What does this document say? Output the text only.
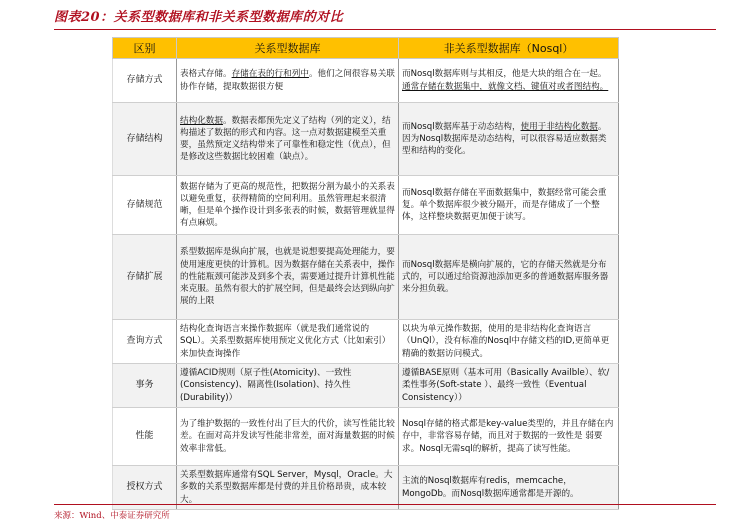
图表20：关系型数据库和非关系型数据库的对比
区别	关系型数据库	非关系型数据库（Nosql）
存储方式	表格式存储。存储在表的行和列中。他们之间很容易关联协作存储，提取数据很方便	而Nosql数据库则与其相反，他是大块的组合在一起。通常存储在数据集中，就像文档、键值对或者图结构。
存储结构	结构化数据。数据表都预先定义了结构（列的定义），结构描述了数据的形式和内容。这一点对数据建模至关重要，虽然预定义结构带来了可靠性和稳定性（优点），但是修改这些数据比较困难（缺点）。	而Nosql数据库基于动态结构，使用于非结构化数据。因为Nosql数据库是动态结构，可以很容易适应数据类型和结构的变化。
存储规范	数据存储为了更高的规范性，把数据分割为最小的关系表以避免重复，获得精简的空间利用。虽然管理起来很清晰，但是单个操作设计到多张表的时候，数据管理就显得有点麻烦。	而Nosql数据存储在平面数据集中，数据经常可能会重复。单个数据库很少被分隔开，而是存储成了一个整体，这样整块数据更加便于读写。
存储扩展	系型数据库是纵向扩展，也就是说想要提高处理能力，要使用速度更快的计算机。因为数据存储在关系表中，操作的性能瓶颈可能涉及到多个表，需要通过提升计算机性能来克服。虽然有很大的扩展空间，但是最终会达到纵向扩展的上限	而Nosql数据库是横向扩展的，它的存储天然就是分布式的，可以通过给资源池添加更多的普通数据库服务器来分担负载。
查询方式	结构化查询语言来操作数据库（就是我们通常说的SQL）。关系型数据库使用预定义优化方式（比如索引）来加快查询操作	以块为单元操作数据，使用的是非结构化查询语言（UnQl），没有标准的Nosql中存储文档的ID,更简单更精确的数据访问模式。
事务	遵循ACID规则（原子性(Atomicity)、一致性(Consistency)、隔离性(Isolation)、持久性(Durability)）	遵循BASE原则（基本可用（Basically Availble）、软/柔性事务(Soft-state ）、最终一致性（Eventual Consistency））
性能	为了维护数据的一致性付出了巨大的代价，读写性能比较差。在面对高并发读写性能非常差，面对海量数据的时候效率非常低。	Nosql存储的格式都是key-value类型的，并且存储在内存中，非常容易存储，而且对于数据的一致性是 弱要求。Nosql无需sql的解析，提高了读写性能。
授权方式	关系型数据库通常有SQL Server，Mysql，Oracle。大多数的关系型数据库都是付费的并且价格昂贵，成本较大。	主流的Nosql数据库有redis，memcache，MongoDb。而Nosql数据库通常都是开源的。
来源：Wind、中泰证券研究所
